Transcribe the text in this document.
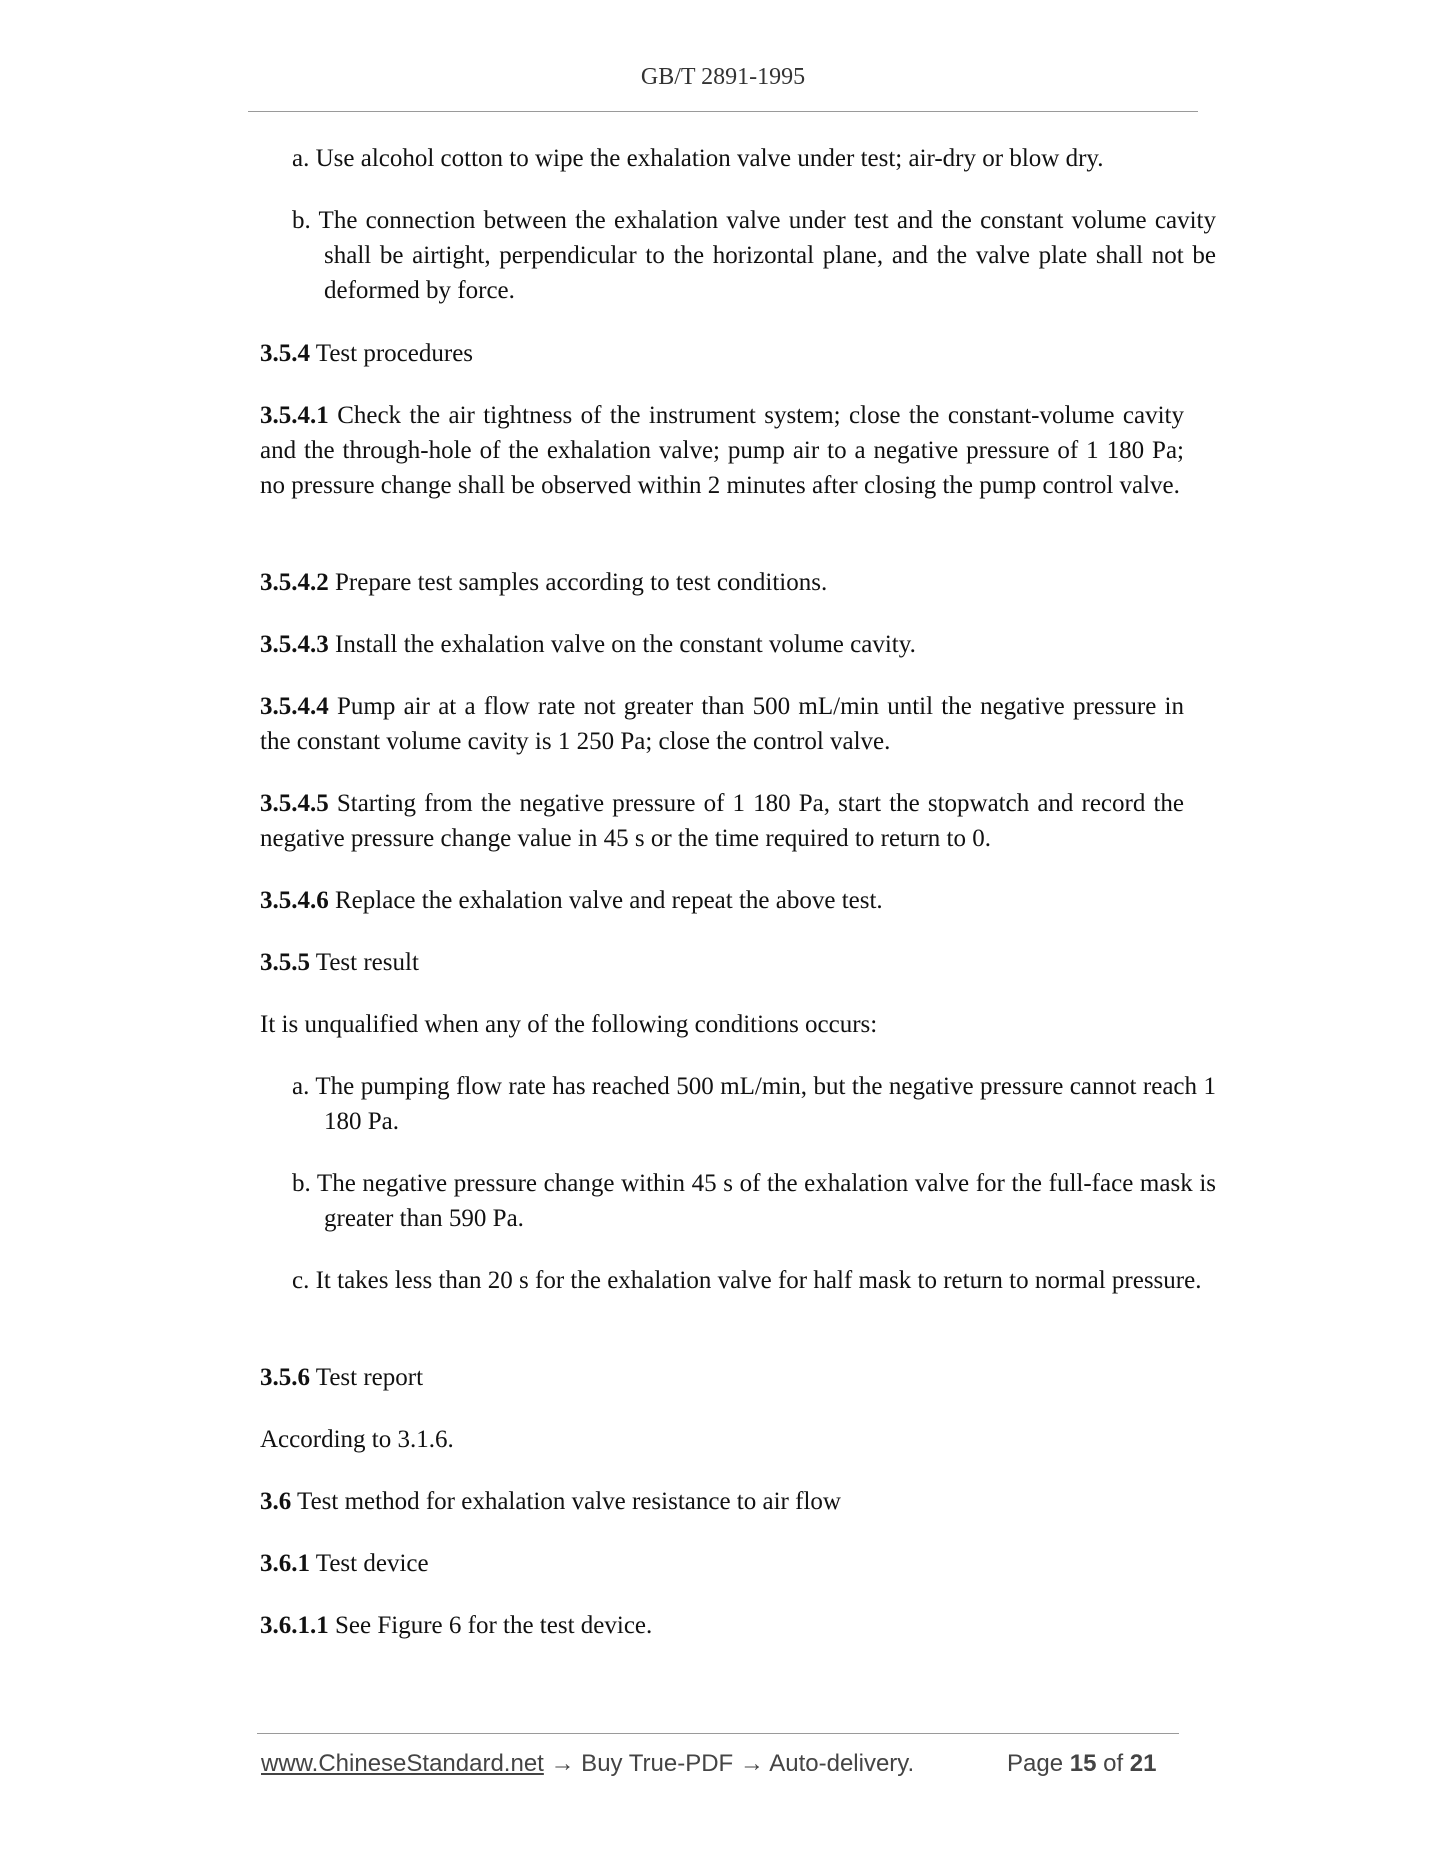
GB/T 2891-1995
a. Use alcohol cotton to wipe the exhalation valve under test; air-dry or blow dry.
b. The connection between the exhalation valve under test and the constant volume cavity shall be airtight, perpendicular to the horizontal plane, and the valve plate shall not be deformed by force.
3.5.4 Test procedures
3.5.4.1 Check the air tightness of the instrument system; close the constant-volume cavity and the through-hole of the exhalation valve; pump air to a negative pressure of 1 180 Pa; no pressure change shall be observed within 2 minutes after closing the pump control valve.
3.5.4.2 Prepare test samples according to test conditions.
3.5.4.3 Install the exhalation valve on the constant volume cavity.
3.5.4.4 Pump air at a flow rate not greater than 500 mL/min until the negative pressure in the constant volume cavity is 1 250 Pa; close the control valve.
3.5.4.5 Starting from the negative pressure of 1 180 Pa, start the stopwatch and record the negative pressure change value in 45 s or the time required to return to 0.
3.5.4.6 Replace the exhalation valve and repeat the above test.
3.5.5 Test result
It is unqualified when any of the following conditions occurs:
a. The pumping flow rate has reached 500 mL/min, but the negative pressure cannot reach 1 180 Pa.
b. The negative pressure change within 45 s of the exhalation valve for the full-face mask is greater than 590 Pa.
c. It takes less than 20 s for the exhalation valve for half mask to return to normal pressure.
3.5.6 Test report
According to 3.1.6.
3.6 Test method for exhalation valve resistance to air flow
3.6.1 Test device
3.6.1.1 See Figure 6 for the test device.
www.ChineseStandard.net → Buy True-PDF → Auto-delivery.	Page 15 of 21
